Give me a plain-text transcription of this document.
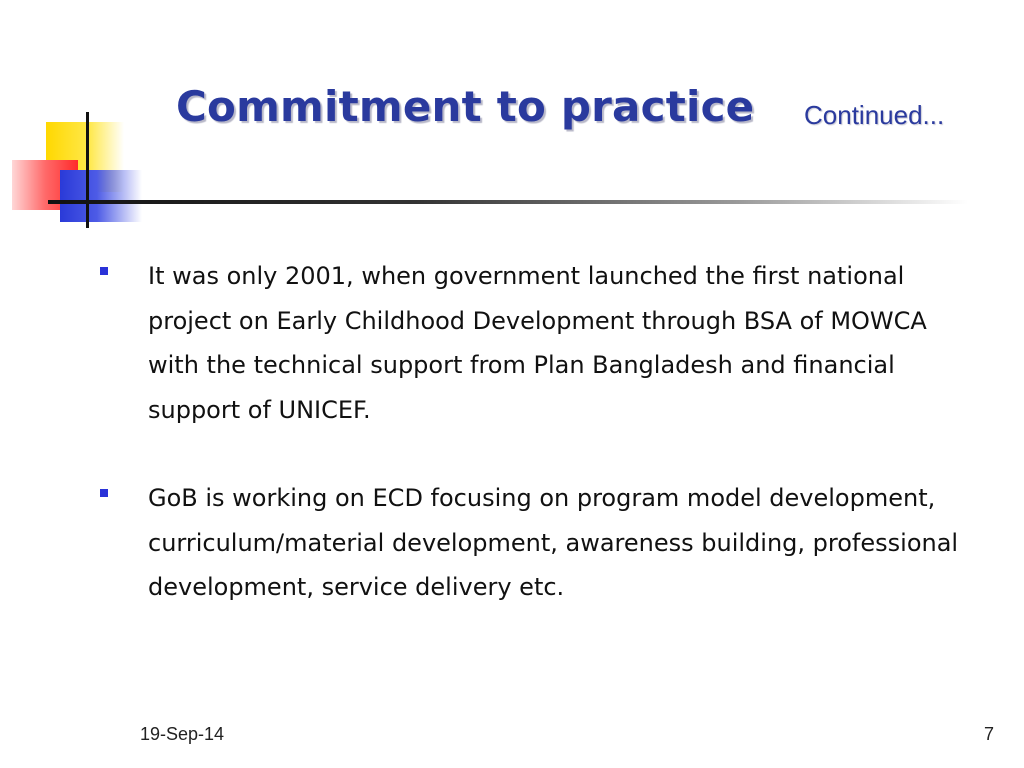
Commitment to practice Continued...
It was only 2001, when government launched the first national project on Early Childhood Development through BSA of MOWCA with the technical support from Plan Bangladesh and financial support of UNICEF.
GoB is working on ECD focusing on program model development, curriculum/material development, awareness building, professional development, service delivery etc.
19-Sep-14	7
